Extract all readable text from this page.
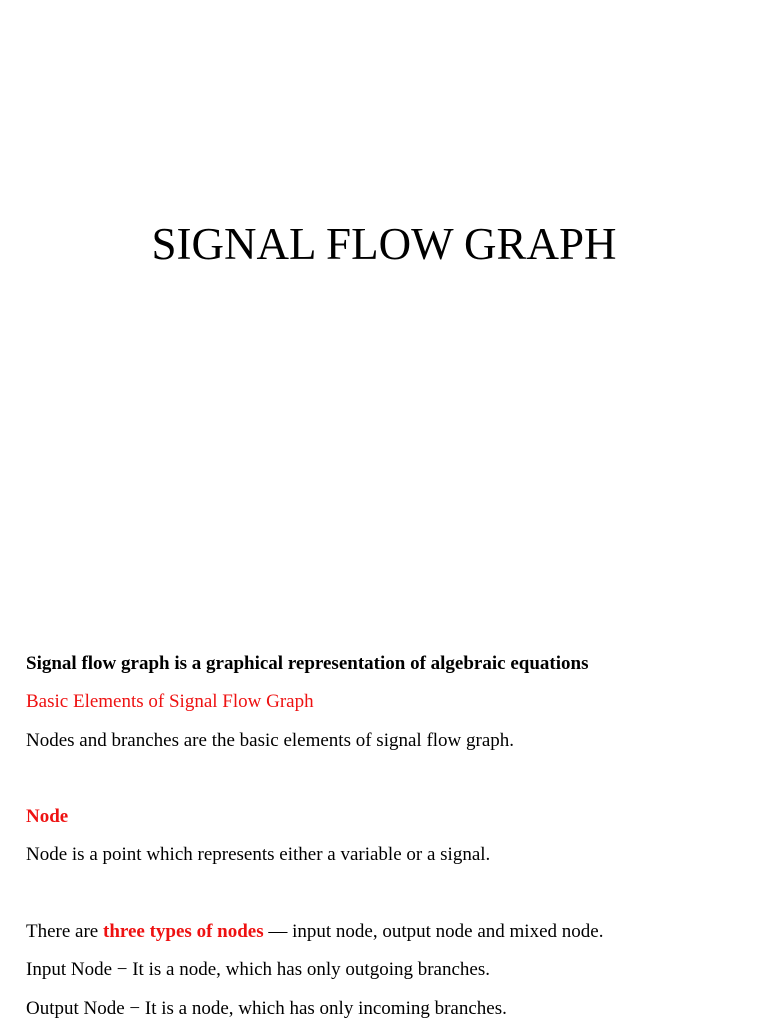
SIGNAL FLOW GRAPH

Signal flow graph is a graphical representation of algebraic equations

Basic Elements of Signal Flow Graph

Nodes and branches are the basic elements of signal flow graph.

Node

Node is a point which represents either a variable or a signal.

There are three types of nodes — input node, output node and mixed node.

Input Node − It is a node, which has only outgoing branches.

Output Node − It is a node, which has only incoming branches.
